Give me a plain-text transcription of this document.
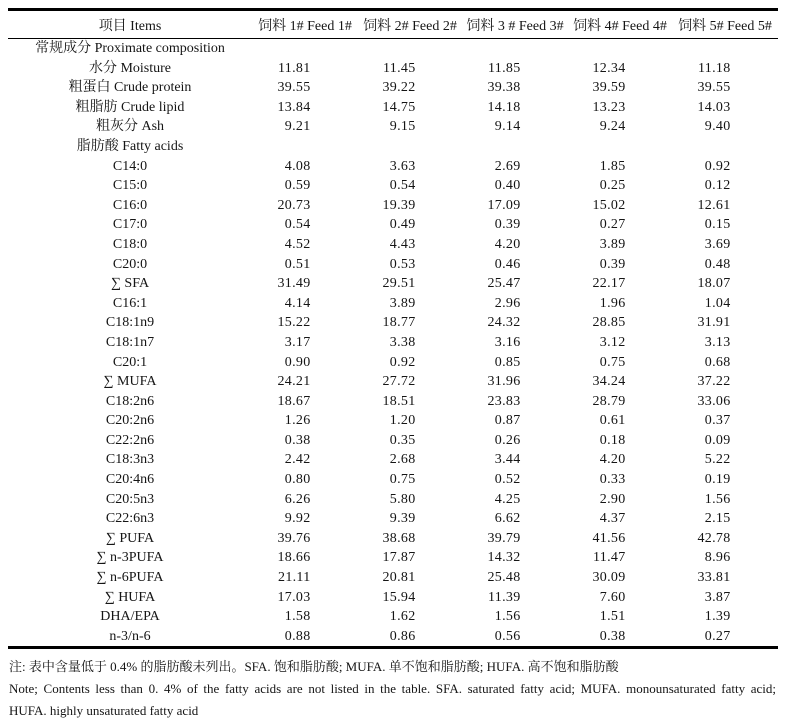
项目 Items	饲料 1# Feed 1#	饲料 2# Feed 2#	饲料 3 # Feed 3#	饲料 4# Feed 4#	饲料 5# Feed 5#
常规成分 Proximate composition					
水分 Moisture	11.81	11.45	11.85	12.34	11.18
粗蛋白 Crude protein	39.55	39.22	39.38	39.59	39.55
粗脂肪 Crude lipid	13.84	14.75	14.18	13.23	14.03
粗灰分 Ash	9.21	9.15	9.14	9.24	9.40
脂肪酸 Fatty acids					
C14:0	4.08	3.63	2.69	1.85	0.92
C15:0	0.59	0.54	0.40	0.25	0.12
C16:0	20.73	19.39	17.09	15.02	12.61
C17:0	0.54	0.49	0.39	0.27	0.15
C18:0	4.52	4.43	4.20	3.89	3.69
C20:0	0.51	0.53	0.46	0.39	0.48
∑ SFA	31.49	29.51	25.47	22.17	18.07
C16:1	4.14	3.89	2.96	1.96	1.04
C18:1n9	15.22	18.77	24.32	28.85	31.91
C18:1n7	3.17	3.38	3.16	3.12	3.13
C20:1	0.90	0.92	0.85	0.75	0.68
∑ MUFA	24.21	27.72	31.96	34.24	37.22
C18:2n6	18.67	18.51	23.83	28.79	33.06
C20:2n6	1.26	1.20	0.87	0.61	0.37
C22:2n6	0.38	0.35	0.26	0.18	0.09
C18:3n3	2.42	2.68	3.44	4.20	5.22
C20:4n6	0.80	0.75	0.52	0.33	0.19
C20:5n3	6.26	5.80	4.25	2.90	1.56
C22:6n3	9.92	9.39	6.62	4.37	2.15
∑ PUFA	39.76	38.68	39.79	41.56	42.78
∑ n-3PUFA	18.66	17.87	14.32	11.47	8.96
∑ n-6PUFA	21.11	20.81	25.48	30.09	33.81
∑ HUFA	17.03	15.94	11.39	7.60	3.87
DHA/EPA	1.58	1.62	1.56	1.51	1.39
n-3/n-6	0.88	0.86	0.56	0.38	0.27
注: 表中含量低于 0.4% 的脂肪酸未列出。SFA. 饱和脂肪酸; MUFA. 单不饱和脂肪酸; HUFA. 高不饱和脂肪酸
Note; Contents less than 0. 4% of the fatty acids are not listed in the table. SFA. saturated fatty acid; MUFA. monounsaturated fatty acid;
HUFA. highly unsaturated fatty acid
